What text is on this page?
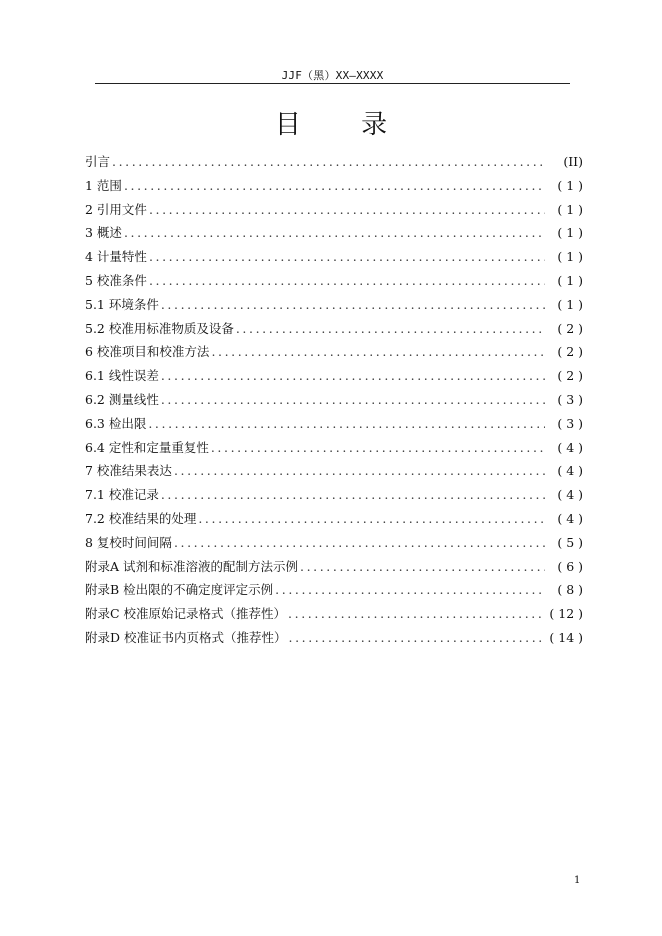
JJF（黑）XX—XXXX
目 录
引言 .....	(II)
1 范围 .....	( 1 )
2 引用文件 .....	( 1 )
3 概述 .....	( 1 )
4 计量特性 .....	( 1 )
5 校准条件 .....	( 1 )
5.1 环境条件 .....	( 1 )
5.2 校准用标准物质及设备 .....	( 2 )
6 校准项目和校准方法 .....	( 2 )
6.1 线性误差 .....	( 2 )
6.2 测量线性 .....	( 3 )
6.3 检出限 .....	( 3 )
6.4 定性和定量重复性 .....	( 4 )
7 校准结果表达 .....	( 4 )
7.1 校准记录 .....	( 4 )
7.2 校准结果的处理 .....	( 4 )
8 复校时间间隔 .....	( 5 )
附录A 试剂和标准溶液的配制方法示例 .....	( 6 )
附录B 检出限的不确定度评定示例 .....	( 8 )
附录C 校准原始记录格式（推荐性） .....	( 12 )
附录D 校准证书内页格式（推荐性） .....	( 14 )
1
